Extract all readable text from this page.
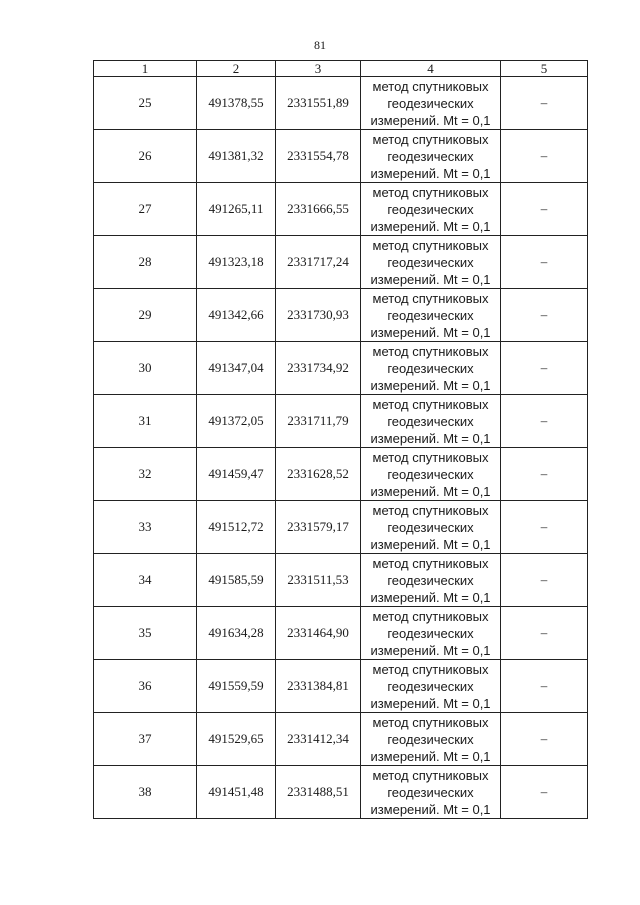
81
1	2	3	4	5
25	491378,55	2331551,89	метод спутниковых
геодезических
измерений. Mt = 0,1	–
26	491381,32	2331554,78	метод спутниковых
геодезических
измерений. Mt = 0,1	–
27	491265,11	2331666,55	метод спутниковых
геодезических
измерений. Mt = 0,1	–
28	491323,18	2331717,24	метод спутниковых
геодезических
измерений. Mt = 0,1	–
29	491342,66	2331730,93	метод спутниковых
геодезических
измерений. Mt = 0,1	–
30	491347,04	2331734,92	метод спутниковых
геодезических
измерений. Mt = 0,1	–
31	491372,05	2331711,79	метод спутниковых
геодезических
измерений. Mt = 0,1	–
32	491459,47	2331628,52	метод спутниковых
геодезических
измерений. Mt = 0,1	–
33	491512,72	2331579,17	метод спутниковых
геодезических
измерений. Mt = 0,1	–
34	491585,59	2331511,53	метод спутниковых
геодезических
измерений. Mt = 0,1	–
35	491634,28	2331464,90	метод спутниковых
геодезических
измерений. Mt = 0,1	–
36	491559,59	2331384,81	метод спутниковых
геодезических
измерений. Mt = 0,1	–
37	491529,65	2331412,34	метод спутниковых
геодезических
измерений. Mt = 0,1	–
38	491451,48	2331488,51	метод спутниковых
геодезических
измерений. Mt = 0,1	–
